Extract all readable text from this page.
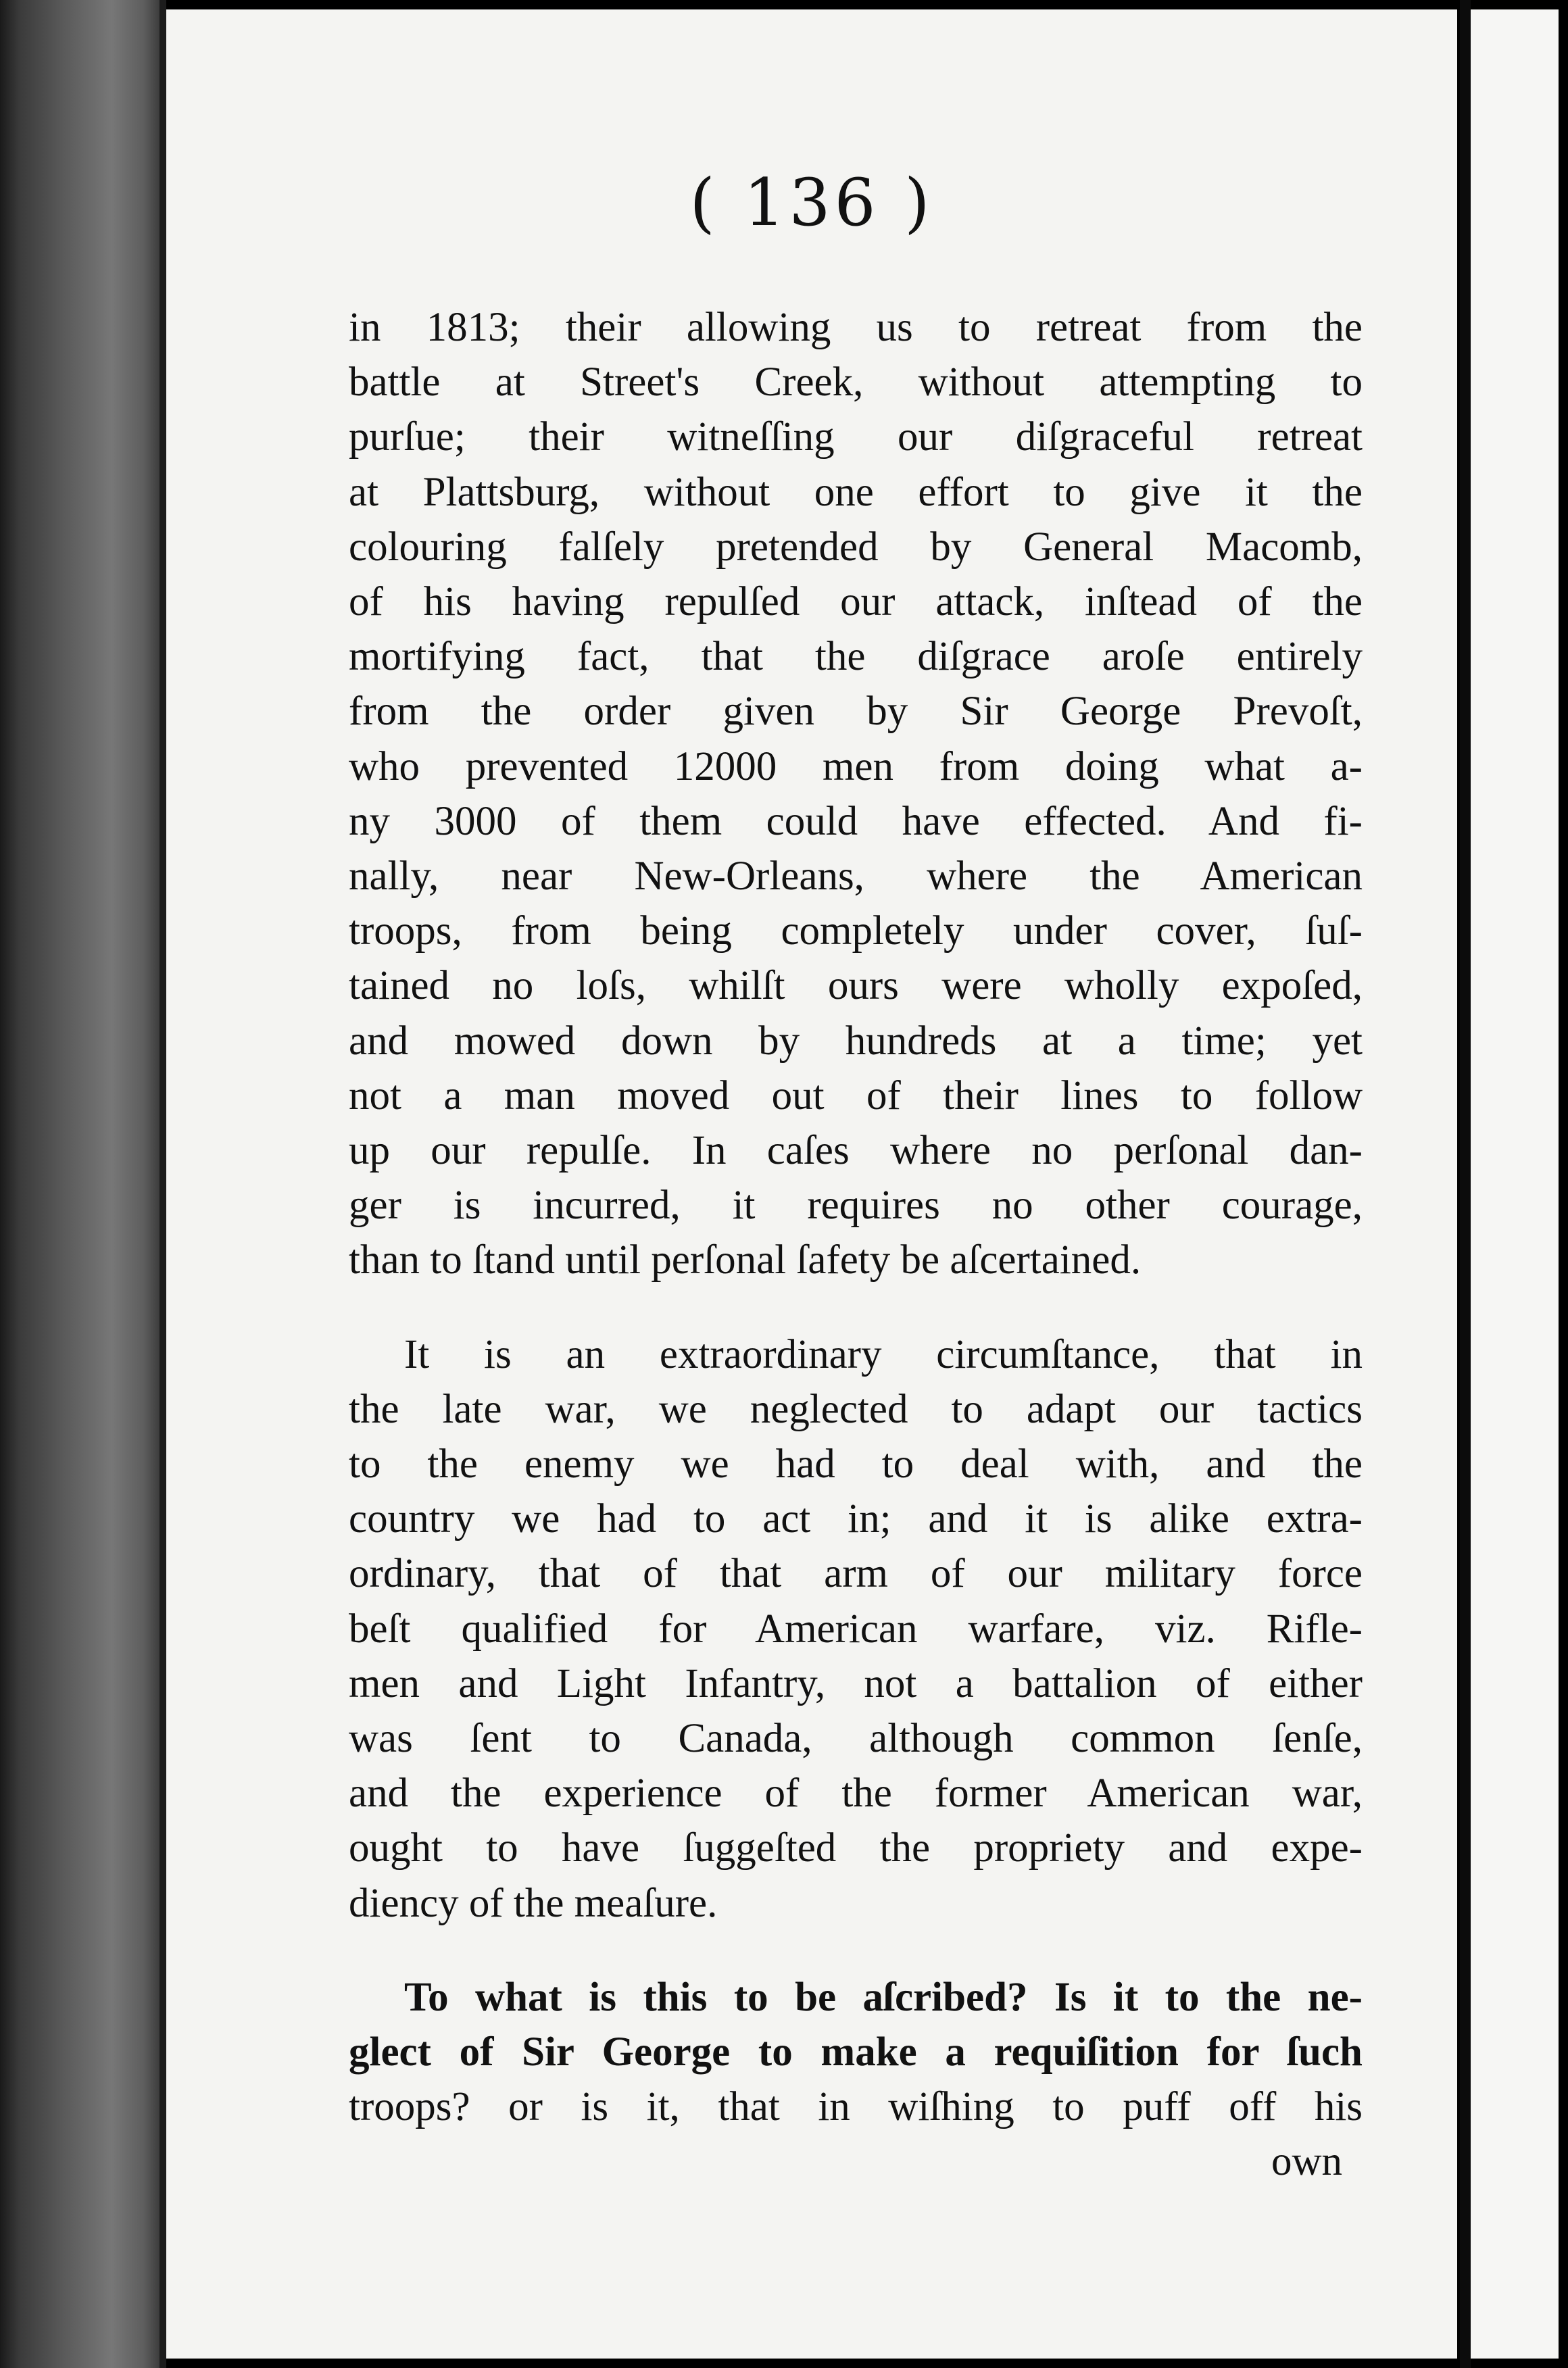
( 136 )

in 1813; their allowing us to retreat from the
battle at Street's Creek, without attempting to
purſue; their witneſſing our diſgraceful retreat
at Plattsburg, without one effort to give it the
colouring falſely pretended by General Macomb,
of his having repulſed our attack, inſtead of the
mortifying fact, that the diſgrace aroſe entirely
from the order given by Sir George Prevoſt,
who prevented 12000 men from doing what a-
ny 3000 of them could have effected. And fi-
nally, near New-Orleans, where the American
troops, from being completely under cover, ſuſ-
tained no loſs, whilſt ours were wholly expoſed,
and mowed down by hundreds at a time; yet
not a man moved out of their lines to follow
up our repulſe. In caſes where no perſonal dan-
ger is incurred, it requires no other courage,
than to ſtand until perſonal ſafety be aſcertained.

It is an extraordinary circumſtance, that in
the late war, we neglected to adapt our tactics
to the enemy we had to deal with, and the
country we had to act in; and it is alike extra-
ordinary, that of that arm of our military force
beſt qualified for American warfare, viz. Rifle-
men and Light Infantry, not a battalion of either
was ſent to Canada, although common ſenſe,
and the experience of the former American war,
ought to have ſuggeſted the propriety and expe-
diency of the meaſure.

To what is this to be aſcribed? Is it to the ne-
glect of Sir George to make a requiſition for ſuch
troops? or is it, that in wiſhing to puff off his

own
